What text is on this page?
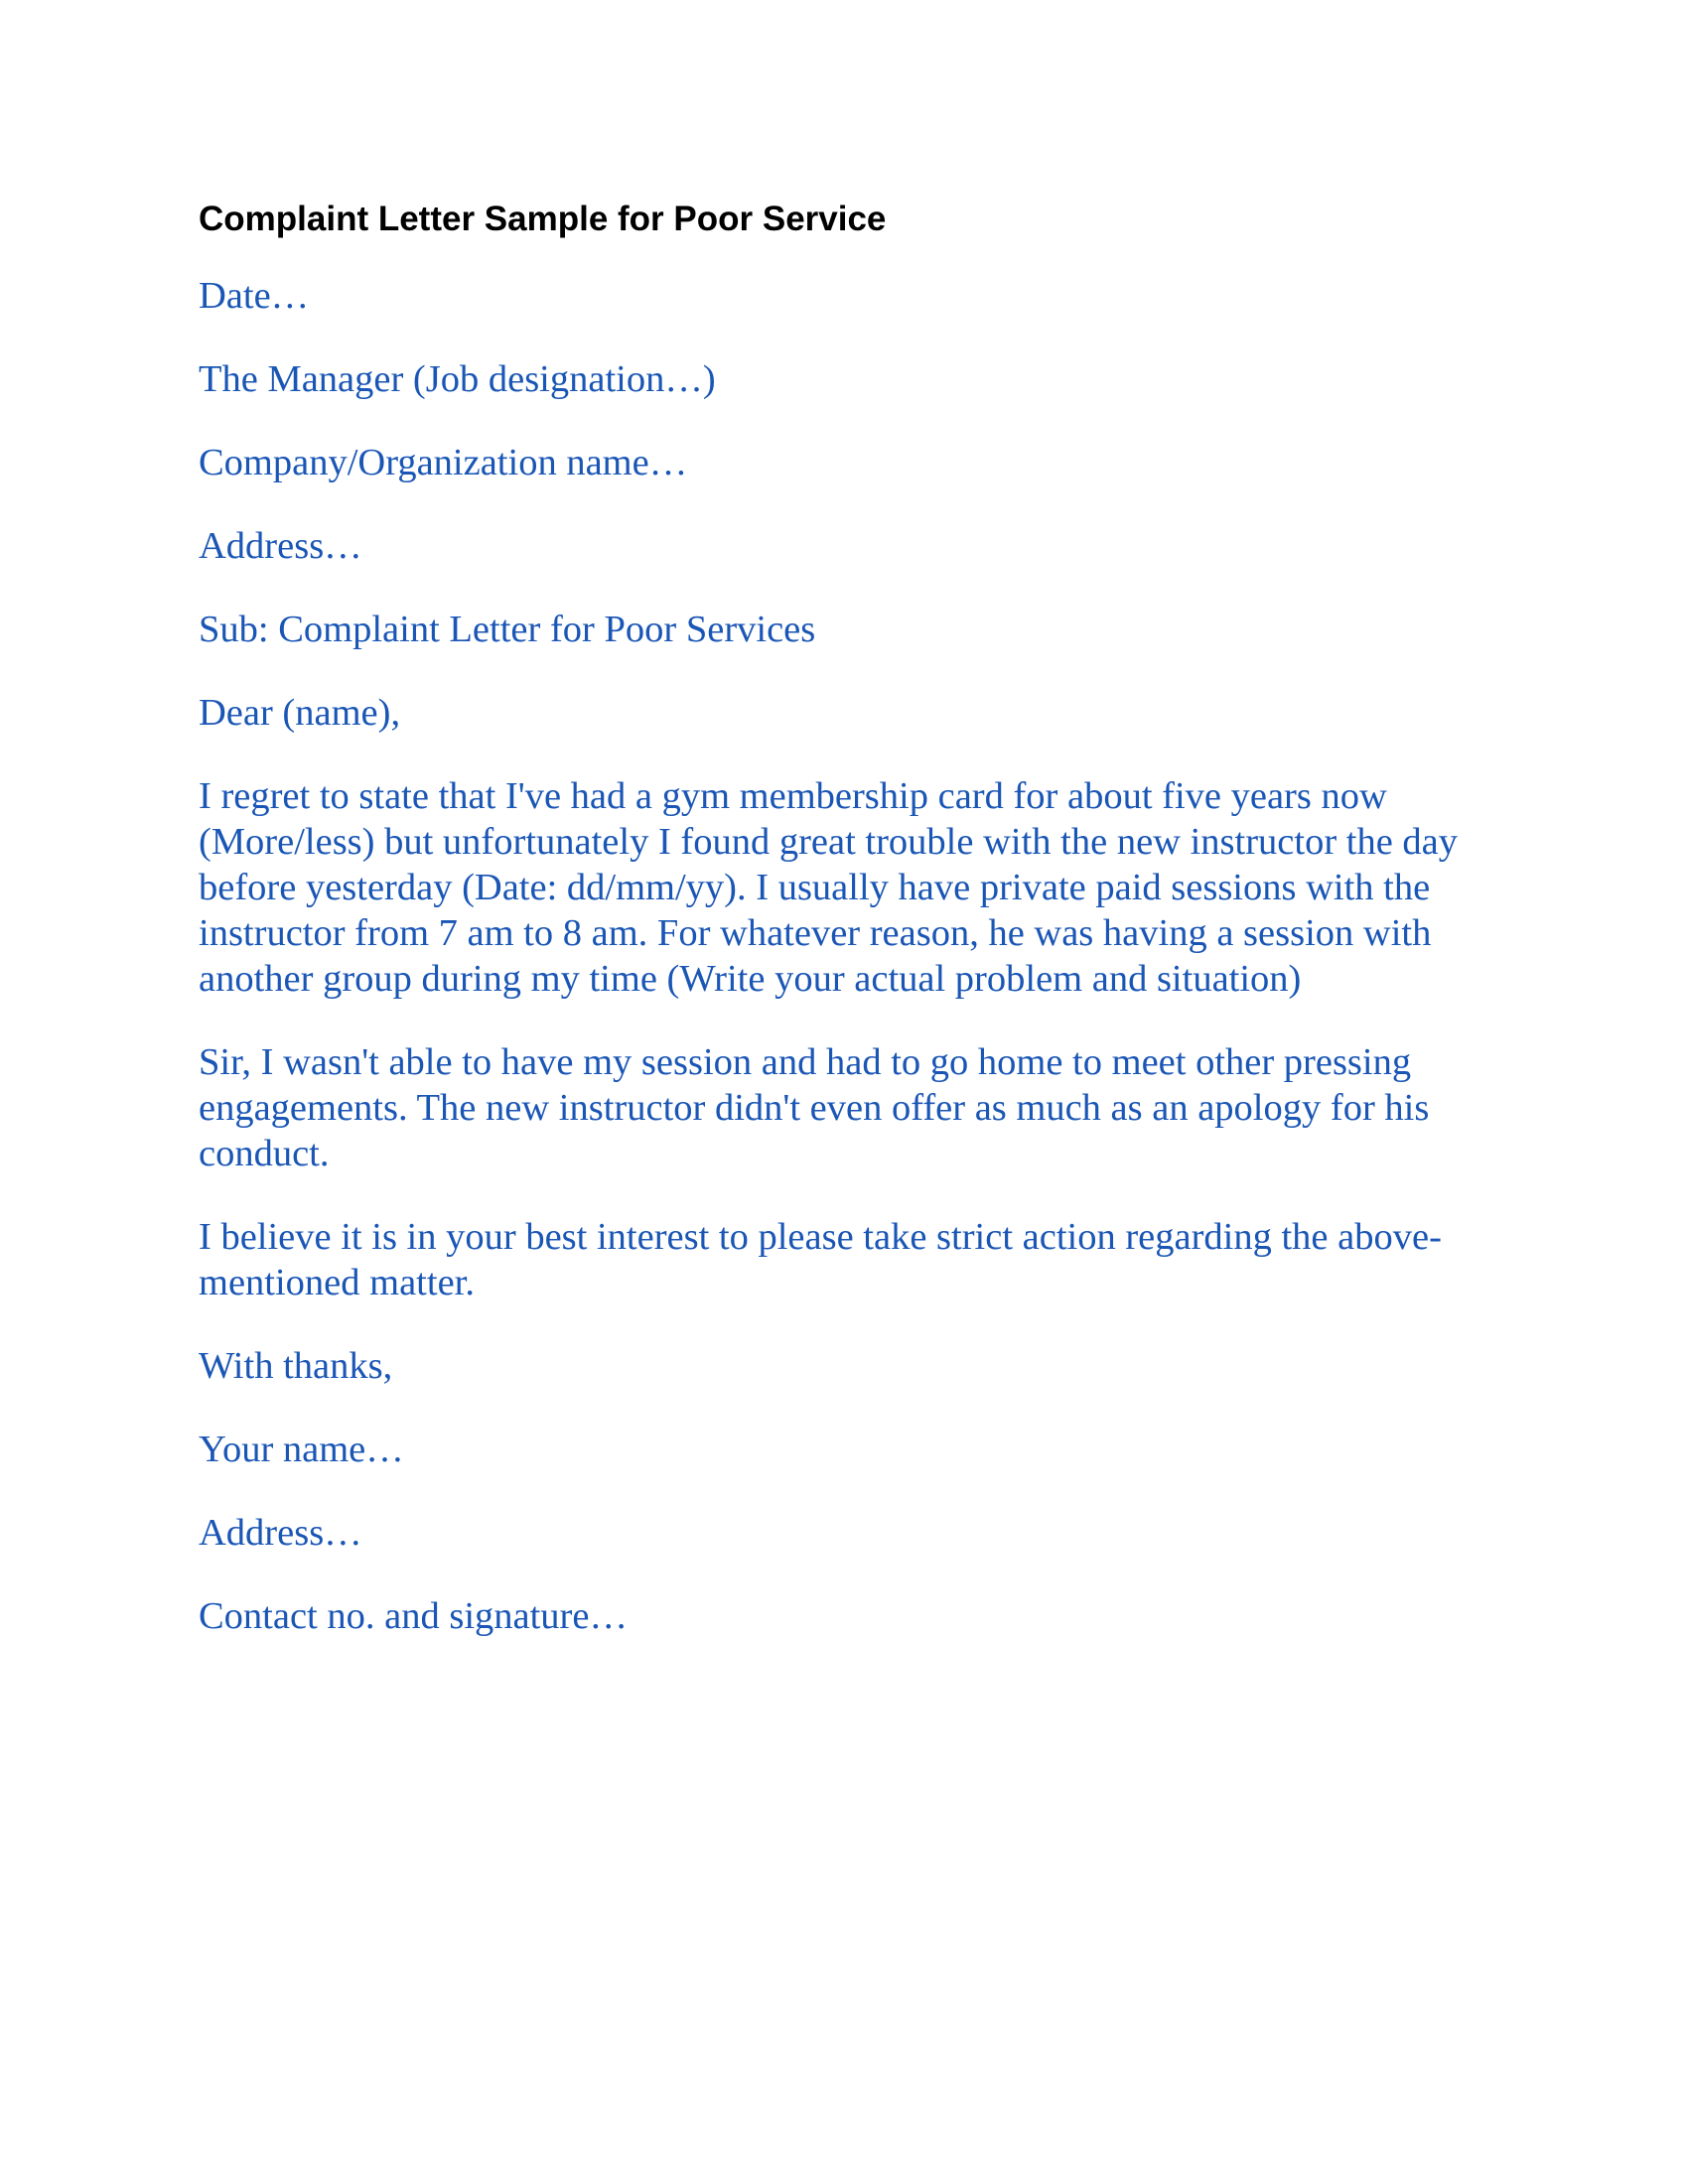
Complaint Letter Sample for Poor Service

Date…

The Manager (Job designation…)

Company/Organization name…

Address…

Sub: Complaint Letter for Poor Services

Dear (name),

I regret to state that I've had a gym membership card for about five years now (More/less) but unfortunately I found great trouble with the new instructor the day before yesterday (Date: dd/mm/yy). I usually have private paid sessions with the instructor from 7 am to 8 am. For whatever reason, he was having a session with another group during my time (Write your actual problem and situation)

Sir, I wasn't able to have my session and had to go home to meet other pressing engagements. The new instructor didn't even offer as much as an apology for his conduct.

I believe it is in your best interest to please take strict action regarding the above-mentioned matter.

With thanks,

Your name…

Address…

Contact no. and signature…
